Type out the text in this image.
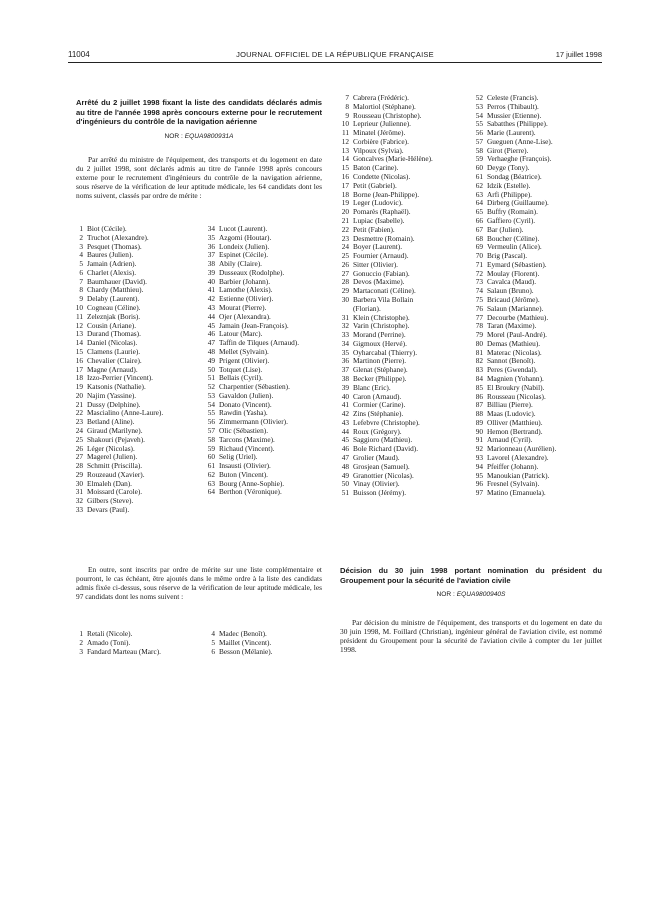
11004	JOURNAL OFFICIEL DE LA RÉPUBLIQUE FRANÇAISE	17 juillet 1998
Arrêté du 2 juillet 1998 fixant la liste des candidats déclarés admis au titre de l'année 1998 après concours externe pour le recrutement d'ingénieurs du contrôle de la navigation aérienne
NOR : EQUA9800931A
Par arrêté du ministre de l'équipement, des transports et du logement en date du 2 juillet 1998, sont déclarés admis au titre de l'année 1998 après concours externe pour le recrutement d'ingénieurs du contrôle de la navigation aérienne, sous réserve de la vérification de leur aptitude médicale, les 64 candidats dont les noms suivent, classés par ordre de mérite :
1 Biot (Cécile).
2 Truchot (Alexandre).
3 Pesquet (Thomas).
4 Baures (Julien).
5 Jamain (Adrien).
6 Charlet (Alexis).
7 Baumhauer (David).
8 Chardy (Matthieu).
9 Delaby (Laurent).
10 Cogneau (Céline).
11 Zeleznjak (Boris).
12 Cousin (Ariane).
13 Durand (Thomas).
14 Daniel (Nicolas).
15 Clamens (Laurie).
16 Chevalier (Claire).
17 Magne (Arnaud).
18 Izzo-Perrier (Vincent).
19 Katsonis (Nathalie).
20 Najim (Yassine).
21 Dussy (Delphine).
22 Mascialino (Anne-Laure).
23 Betland (Aline).
24 Giraud (Marilyne).
25 Shakouri (Pejaveh).
26 Léger (Nicolas).
27 Magerel (Julien).
28 Schmitt (Priscilla).
29 Rouzeaud (Xavier).
30 Elmaleh (Dan).
31 Moissard (Carole).
32 Gilbers (Steve).
33 Devars (Paul).
34 Lucot (Laurent).
35 Azgomi (Houtar).
36 Londeix (Julien).
37 Espinet (Cécile).
38 Abily (Claire).
39 Dusseaux (Rodolphe).
40 Barbier (Johann).
41 Lamothe (Alexis).
42 Estienne (Olivier).
43 Mourat (Pierre).
44 Ojer (Alexandra).
45 Jamain (Jean-François).
46 Latour (Marc).
47 Taffin de Tilques (Arnaud).
48 Mellet (Sylvain).
49 Prigent (Olivier).
50 Totquet (Lise).
51 Bellais (Cyril).
52 Charpentier (Sébastien).
53 Gavaldon (Julien).
54 Donato (Vincent).
55 Rawdin (Yasha).
56 Zimmermann (Olivier).
57 Olic (Sébastien).
58 Tarcons (Maxime).
59 Richaud (Vincent).
60 Selig (Uriel).
61 Insausti (Olivier).
62 Buton (Vincent).
63 Bourg (Anne-Sophie).
64 Berthon (Véronique).
En outre, sont inscrits par ordre de mérite sur une liste complémentaire et pourront, le cas échéant, être ajoutés dans le même ordre à la liste des candidats admis fixée ci-dessus, sous réserve de la vérification de leur aptitude médicale, les 97 candidats dont les noms suivent :
1 Retali (Nicole).
2 Amado (Toni).
3 Fandard Marteau (Marc).
4 Madec (Benoît).
5 Maillet (Vincent).
6 Besson (Mélanie).
7 Cabrera (Frédéric).
8 Malortiol (Stéphane).
9 Rousseau (Christophe).
10 Leprieur (Julienne).
11 Minatel (Jérôme).
12 Corbière (Fabrice).
13 Vilpoux (Sylvia).
14 Goncalves (Marie-Hélène).
15 Baton (Carine).
16 Condette (Nicolas).
17 Petit (Gabriel).
18 Borne (Jean-Philippe).
19 Leger (Ludovic).
20 Pomarès (Raphaël).
21 Lupiac (Isabelle).
22 Petit (Fabien).
23 Desmettre (Romain).
24 Boyer (Laurent).
25 Fournier (Arnaud).
26 Sitter (Olivier).
27 Gonuccio (Fabian).
28 Devos (Maxime).
29 Martaconati (Céline).
30 Barbera Vila Bollain
(Florian).
31 Klein (Christophe).
32 Varin (Christophe).
33 Morand (Perrine).
34 Gigmoux (Hervé).
35 Oyharcabal (Thierry).
36 Martinon (Pierre).
37 Glenat (Stéphane).
38 Becker (Philippe).
39 Blanc (Eric).
40 Caron (Arnaud).
41 Cormier (Carine).
42 Zins (Stéphanie).
43 Lefebvre (Christophe).
44 Roux (Grégory).
45 Saggioro (Mathieu).
46 Bole Richard (David).
47 Grolier (Maud).
48 Grosjean (Samuel).
49 Granottier (Nicolas).
50 Vinay (Olivier).
51 Buisson (Jérémy).
52 Celeste (Francis).
53 Perros (Thibault).
54 Mussier (Etienne).
55 Sabatthes (Philippe).
56 Marie (Laurent).
57 Gueguen (Anne-Lise).
58 Girot (Pierre).
59 Verhaeghe (François).
60 Deyge (Tony).
61 Sondag (Béatrice).
62 Idzik (Estelle).
63 Arfi (Philippe).
64 Dirberg (Guillaume).
65 Buffry (Romain).
66 Gaffiero (Cyril).
67 Bar (Julien).
68 Boucher (Céline).
69 Vermeulin (Alice).
70 Brig (Pascal).
71 Eymard (Sébastien).
72 Moulay (Florent).
73 Cavalca (Maud).
74 Salaun (Bruno).
75 Bricaud (Jérôme).
76 Salaun (Marianne).
77 Decourbe (Mathieu).
78 Taran (Maxime).
79 Morel (Paul-André).
80 Demas (Mathieu).
81 Materac (Nicolas).
82 Sannot (Benoît).
83 Peres (Gwendal).
84 Magnien (Yohann).
85 El Broukry (Nabil).
86 Rousseau (Nicolas).
87 Billiau (Pierre).
88 Maas (Ludovic).
89 Olliver (Matthieu).
90 Hemon (Bertrand).
91 Arnaud (Cyril).
92 Marionneau (Aurélien).
93 Lavorel (Alexandre).
94 Pfeiffer (Johann).
95 Manoukian (Patrick).
96 Fresnel (Sylvain).
97 Matino (Emanuela).
Décision du 30 juin 1998 portant nomination du président du Groupement pour la sécurité de l'aviation civile
NOR : EQUA9800940S
Par décision du ministre de l'équipement, des transports et du logement en date du 30 juin 1998, M. Foillard (Christian), ingénieur général de l'aviation civile, est nommé président du Groupement pour la sécurité de l'aviation civile à compter du 1er juillet 1998.
